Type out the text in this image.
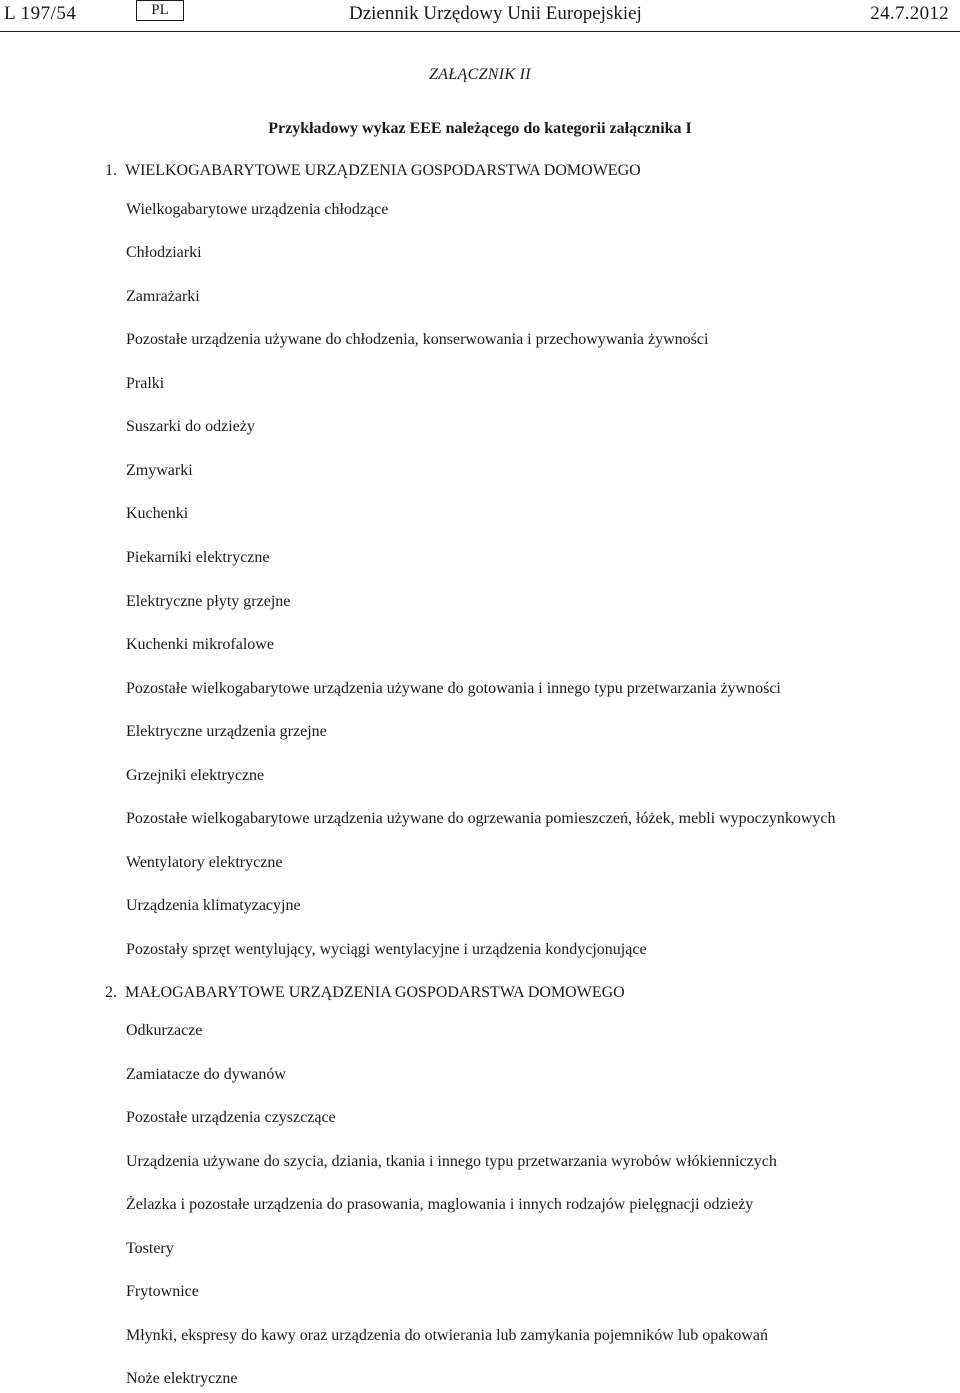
L 197/54	PL	Dziennik Urzędowy Unii Europejskiej	24.7.2012
ZAŁĄCZNIK II
Przykładowy wykaz EEE należącego do kategorii załącznika I
1. WIELKOGABARYTOWE URZĄDZENIA GOSPODARSTWA DOMOWEGO
Wielkogabarytowe urządzenia chłodzące
Chłodziarki
Zamrażarki
Pozostałe urządzenia używane do chłodzenia, konserwowania i przechowywania żywności
Pralki
Suszarki do odzieży
Zmywarki
Kuchenki
Piekarniki elektryczne
Elektryczne płyty grzejne
Kuchenki mikrofalowe
Pozostałe wielkogabarytowe urządzenia używane do gotowania i innego typu przetwarzania żywności
Elektryczne urządzenia grzejne
Grzejniki elektryczne
Pozostałe wielkogabarytowe urządzenia używane do ogrzewania pomieszczeń, łóżek, mebli wypoczynkowych
Wentylatory elektryczne
Urządzenia klimatyzacyjne
Pozostały sprzęt wentylujący, wyciągi wentylacyjne i urządzenia kondycjonujące
2. MAŁOGABARYTOWE URZĄDZENIA GOSPODARSTWA DOMOWEGO
Odkurzacze
Zamiatacze do dywanów
Pozostałe urządzenia czyszczące
Urządzenia używane do szycia, dziania, tkania i innego typu przetwarzania wyrobów włókienniczych
Żelazka i pozostałe urządzenia do prasowania, maglowania i innych rodzajów pielęgnacji odzieży
Tostery
Frytownice
Młynki, ekspresy do kawy oraz urządzenia do otwierania lub zamykania pojemników lub opakowań
Noże elektryczne
